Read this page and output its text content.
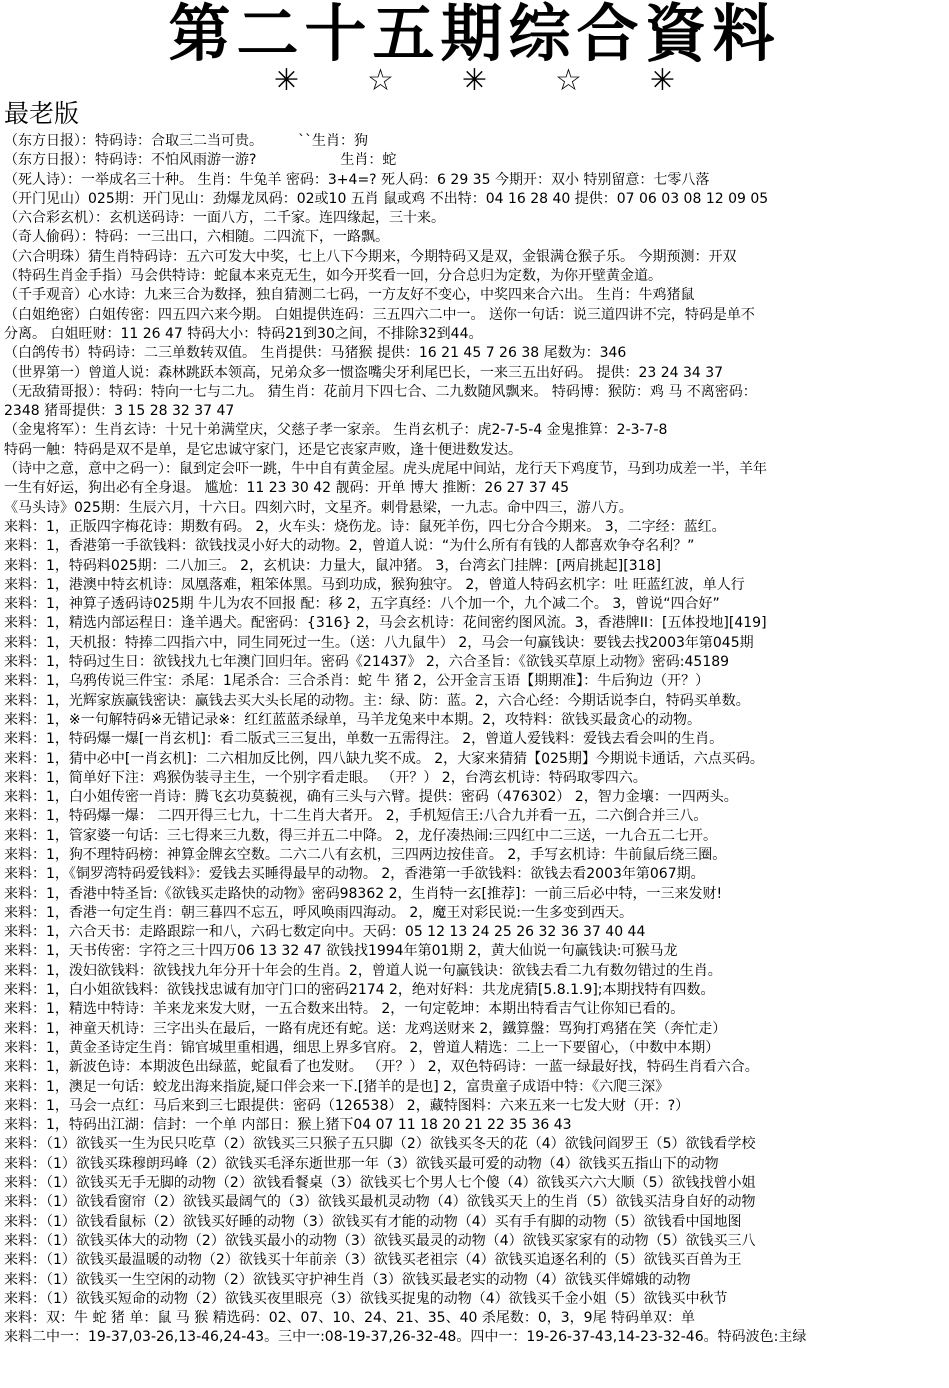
第二十五期综合資料
✳ ☆ ✳ ☆ ✳
最老版
（东方日报）：特码诗：合取三二当可贵。　　　``生肖：狗
（东方日报）：特码诗：不怕风雨游一游?　　　　　　生肖：蛇
（死人诗）：一举成名三十种。 生肖：牛兔羊 密码：3+4=? 死人码：6 29 35 今期开：双小 特别留意：七零八落
（开门见山）025期：开门见山：劲爆龙凤码：02或10 五肖 鼠或鸡 不出特：04 16 28 40 提供：07 06 03 08 12 09 05
（六合彩玄机）：玄机送码诗：一面八方，二千家。连四缘起，三十来。
（奇人偷码）：特码：一三出口，六相随。二四流下，一路飘。
（六合明珠）猜生肖特码诗：五六可发大中奖，七上八下今期来，今期特码又是双，金银满仓猴子乐。 今期预测：开双
（特码生肖金手指）马会供特诗：蛇鼠本来克无生，如今开奖看一回，分合总归为定数，为你开壁黄金道。
（千手观音）心水诗：九来三合为数择，独自猜测二七码，一方友好不变心，中奖四来合六出。 生肖：牛鸡猪鼠
（白姐绝密）白姐传密：四五四六来今期。 白姐提供连码：三五四六二中一。 送你一句话：说三道四讲不完，特码是单不
分离。 白姐旺财：11 26 47 特码大小：特码21到30之间，不排除32到44。
（白鸽传书）特码诗：二三单数转双值。 生肖提供：马猪猴 提供：16 21 45 7 26 38 尾数为：346
（世界第一）曾道人说：森林跳跃本领高，兄弟众多一惯盗嘴尖牙利尾巴长，一来三五出好码。 提供：23 24 34 37
（无敌猜哥报）：特码：特向一七与二九。 猜生肖：花前月下四七合、二九数随风飘来。 特码博：猴防：鸡 马 不离密码：
2348 猪哥提供：3 15 28 32 37 47
（金鬼将军）：生肖玄诗：十兄十弟满堂庆，父慈子孝一家亲。 生肖玄机子：虎2-7-5-4 金鬼推算：2-3-7-8
特码一触：特码是双不是单，是它忠诚守家门，还是它丧家声败，逢十便进数发达。
（诗中之意，意中之码一）：鼠到定会吓一跳，牛中自有黄金屋。虎头虎尾中间站，龙行天下鸡度节，马到功成差一半，羊年
一生有好运，狗出必有全身退。 尴尬：11 23 30 42 靓码：开单 博大 推断：26 27 37 45
《马头诗》025期：生辰六月，十六日。四刻六时，文星齐。刺骨悬梁，一九志。命中四三，游八方。
来料：1，正版四字梅花诗：期数有码。 2，火车头：烧伤龙。诗：鼠死羊伤，四七分合今期来。 3，二字经：蓝红。
来料：1，香港第一手欲钱料：欲钱找灵小好大的动物。2，曾道人说：“为什么所有有钱的人都喜欢争夺名利？”
来料：1，特码料025期：二八加三。 2，玄机诀：力量大，鼠冲猪。 3，台湾玄门挂牌：[两肩挑起][318]
来料：1，港澳中特玄机诗：凤凰落难，粗笨体黑。马到功成，猴狗独守。 2，曾道人特码玄机字：吐 旺蓝红波，单人行
来料：1，神算子透码诗025期 牛儿为农不回报 配：移 2，五字真经：八个加一个，九个减二个。 3，曾说“四合好”
来料：1，精选内部运程日：逢羊遇犬。配密码：{316} 2，马会玄机诗：花间密约图风流。3，香港牌II：[五体投地][419]
来料：1，天机报：特捧二四指六中，同生同死过一生。（送：八九鼠牛） 2，马会一句赢钱诀：要钱去找2003年第045期
来料：1，特码过生日：欲钱找九七年澳门回归年。密码《21437》 2，六合圣旨：《欲钱买草原上动物》密码:45189
来料：1，乌鸦传说三件宝：杀尾：1尾杀合：三合杀肖：蛇 牛 猪 2，公开金言玉语【期期准】：牛后狗边（开？）
来料：1，光辉家族赢钱密诀：赢钱去买大头长尾的动物。主：绿、防：蓝。2，六合心经：今期话说李白，特码买单数。
来料：1，※一句解特码※无错记录※：红红蓝蓝杀绿单，马羊龙兔来中本期。2，攻特料：欲钱买最贪心的动物。
来料：1，特码爆一爆[一肖玄机]：看二版式三三复出，单数一五需得注。 2，曾道人爱钱料：爱钱去看会叫的生肖。
来料：1，猜中必中[一肖玄机]：二六相加反比例，四八缺九奖不成。 2，大家来猜猜【025期】今期说卡通话，六点买码。
来料：1，简单好下注：鸡猴伪装寻主生，一个别字看走眼。 （开？） 2，台湾玄机诗：特码取零四六。
来料：1，白小姐传密一肖诗：腾飞玄功莫藐视，确有三头与六臂。提供：密码（476302） 2，智力金壤：一四两头。
来料：1，特码爆一爆： 二四开得三七九，十二生肖大者开。 2，手机短信王:八合九并看一五，二六倒合并三八。
来料：1，管家婆一句话：三七得来三九数，得三并五二中降。 2，龙仔凑热闹:三四红中二三送，一九合五二七开。
来料：1，狗不理特码榜：神算金牌玄空数。二六二八有玄机，三四两边按佳音。 2，手写玄机诗：牛前鼠后绕三圈。
来料：1，《铜罗湾特码爱钱料》：爱钱去买睡得最早的动物。 2，香港第一手欲钱料：欲钱去看2003年第067期。
来料：1，香港中特圣旨:《欲钱买走路快的动物》密码98362 2，生肖特一玄[推荐]：一前三后必中特，一三来发财!
来料：1，香港一句定生肖：朝三暮四不忘五，呼风唤雨四海动。 2，魔王对彩民说:一生多变到西天。
来料：1，六合天书：走路跟踪一和八，六码七数定向中。天码：05 12 13 24 25 26 32 36 37 40 44
来料：1，天书传密：字符之三十四万06 13 32 47 欲钱找1994年第01期 2，黄大仙说一句赢钱诀:可猴马龙
来料：1，泼妇欲钱料：欲钱找九年分开十年会的生肖。2，曾道人说一句赢钱诀：欲钱去看二九有数勿错过的生肖。
来料：1，白小姐欲钱料：欲钱找忠诚有加守门口的密码2174 2，绝对好料：共龙虎猜[5.8.1.9];本期找特有四数。
来料：1，精选中特诗：羊来龙来发大财，一五合数来出特。 2，一句定乾坤：本期出特看吉气让你知已看的。
来料：1，神童天机诗：三字出头在最后，一路有虎还有蛇。送：龙鸡送财来 2，鐵算盤：骂狗打鸡猪在笑（奔忙走）
来料：1，黄金圣诗定生肖：锦官城里重相遇，细思上界多官府。 2，曾道人精选：二上一下要留心，（中数中本期）
来料：1，新波色诗：本期波色出绿蓝，蛇鼠看了也发财。 （开？） 2，双色特码诗：一蓝一绿最好找，特码生肖看六合。
来料：1，澳足一句话：蛟龙出海来指旋,疑口伴会来一下.[猪羊的是也] 2，富贵童子成语中特：《六爬三深》
来料：1，马会一点红：马后来到三七跟提供：密码（126538） 2，藏特图料：六来五来一七发大财（开：?）
来料：1，特码出江湖：信封：一个单 内部日：猴上猪下04 07 11 18 20 21 22 35 36 43
来料：（1）欲钱买一生为民只吃草（2）欲钱买三只猴子五只脚（2）欲钱买冬天的花（4）欲钱问阎罗王（5）欲钱看学校
来料：（1）欲钱买珠穆朗玛峰（2）欲钱买毛泽东逝世那一年（3）欲钱买最可爱的动物（4）欲钱买五指山下的动物
来料：（1）欲钱买无手无脚的动物（2）欲钱看餐桌（3）欲钱买七个男人七个傻（4）欲钱买六六大顺（5）欲钱找曾小姐
来料：（1）欲钱看窗帘（2）欲钱买最阔气的（3）欲钱买最机灵动物（4）欲钱买天上的生肖（5）欲钱买洁身自好的动物
来料：（1）欲钱看鼠标（2）欲钱买好睡的动物（3）欲钱买有才能的动物（4）买有手有脚的动物（5）欲钱看中国地图
来料：（1）欲钱买体大的动物（2）欲钱买最小的动物（3）欲钱买最灵的动物（4）欲钱买家家有的动物（5）欲钱买三八
来料：（1）欲钱买最温暖的动物（2）欲钱买十年前亲（3）欲钱买老祖宗（4）欲钱买追逐名利的（5）欲钱买百兽为王
来料：（1）欲钱买一生空闲的动物（2）欲钱买守护神生肖（3）欲钱买最老实的动物（4）欲钱买伴嫦娥的动物
来料：（1）欲钱买短命的动物（2）欲钱买夜里眼亮（3）欲钱买捉鬼的动物（4）欲钱买千金小姐（5）欲钱买中秋节
来料：双：牛 蛇 猪 单：鼠 马 猴 精选码：02、07、10、24、21、35、40 杀尾数：0，3，9尾 特码单双：单
来料二中一：19-37,03-26,13-46,24-43。三中一:08-19-37,26-32-48。四中一：19-26-37-43,14-23-32-46。特码波色:主绿
